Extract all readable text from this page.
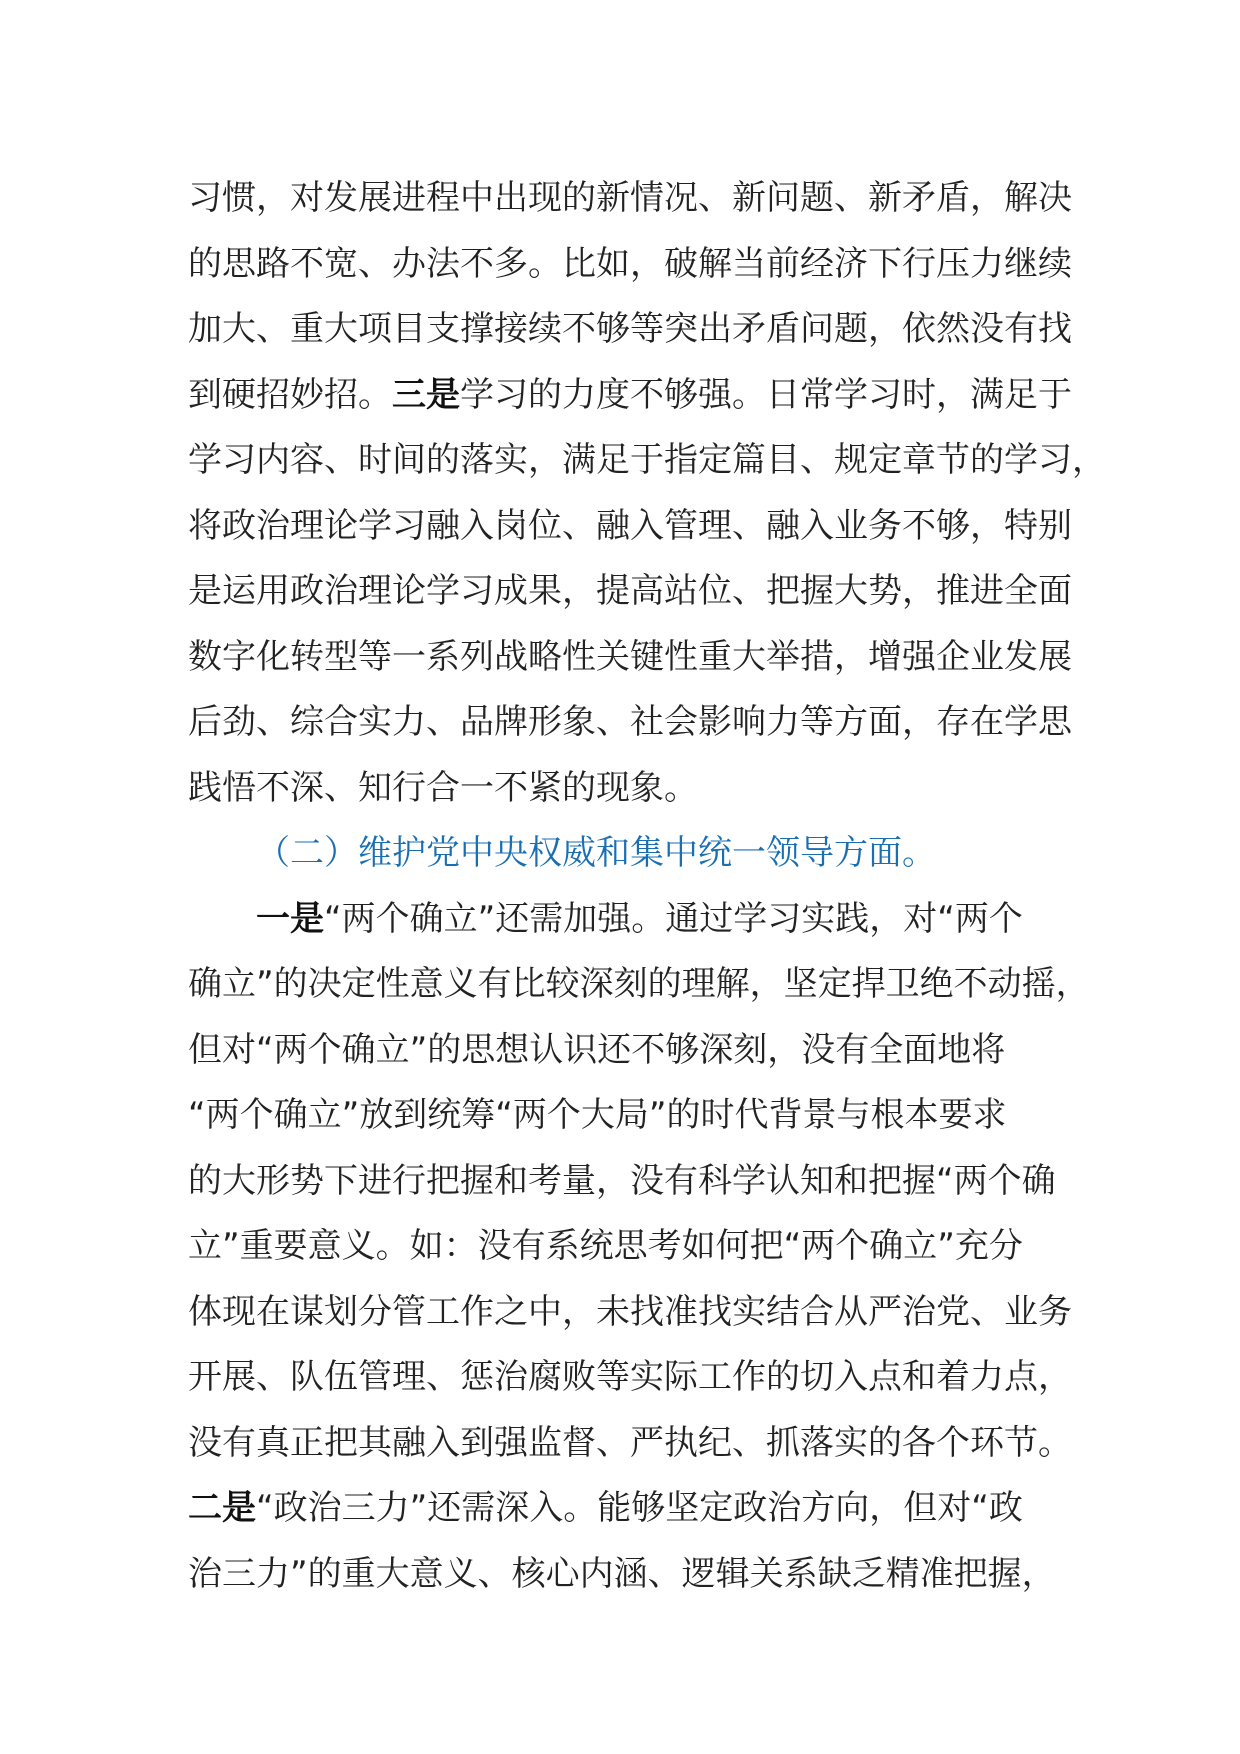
习惯，对发展进程中出现的新情况、新问题、新矛盾，解决
的思路不宽、办法不多。比如，破解当前经济下行压力继续
加大、重大项目支撑接续不够等突出矛盾问题，依然没有找
到硬招妙招。三是学习的力度不够强。日常学习时，满足于
学习内容、时间的落实，满足于指定篇目、规定章节的学习，
将政治理论学习融入岗位、融入管理、融入业务不够，特别
是运用政治理论学习成果，提高站位、把握大势，推进全面
数字化转型等一系列战略性关键性重大举措，增强企业发展
后劲、综合实力、品牌形象、社会影响力等方面，存在学思
践悟不深、知行合一不紧的现象。
（二）维护党中央权威和集中统一领导方面。
一是“两个确立”还需加强。通过学习实践，对“两个
确立”的决定性意义有比较深刻的理解，坚定捍卫绝不动摇，
但对“两个确立”的思想认识还不够深刻，没有全面地将
“两个确立”放到统筹“两个大局”的时代背景与根本要求
的大形势下进行把握和考量，没有科学认知和把握“两个确
立”重要意义。如：没有系统思考如何把“两个确立”充分
体现在谋划分管工作之中，未找准找实结合从严治党、业务
开展、队伍管理、惩治腐败等实际工作的切入点和着力点，
没有真正把其融入到强监督、严执纪、抓落实的各个环节。
二是“政治三力”还需深入。能够坚定政治方向，但对“政
治三力”的重大意义、核心内涵、逻辑关系缺乏精准把握，
